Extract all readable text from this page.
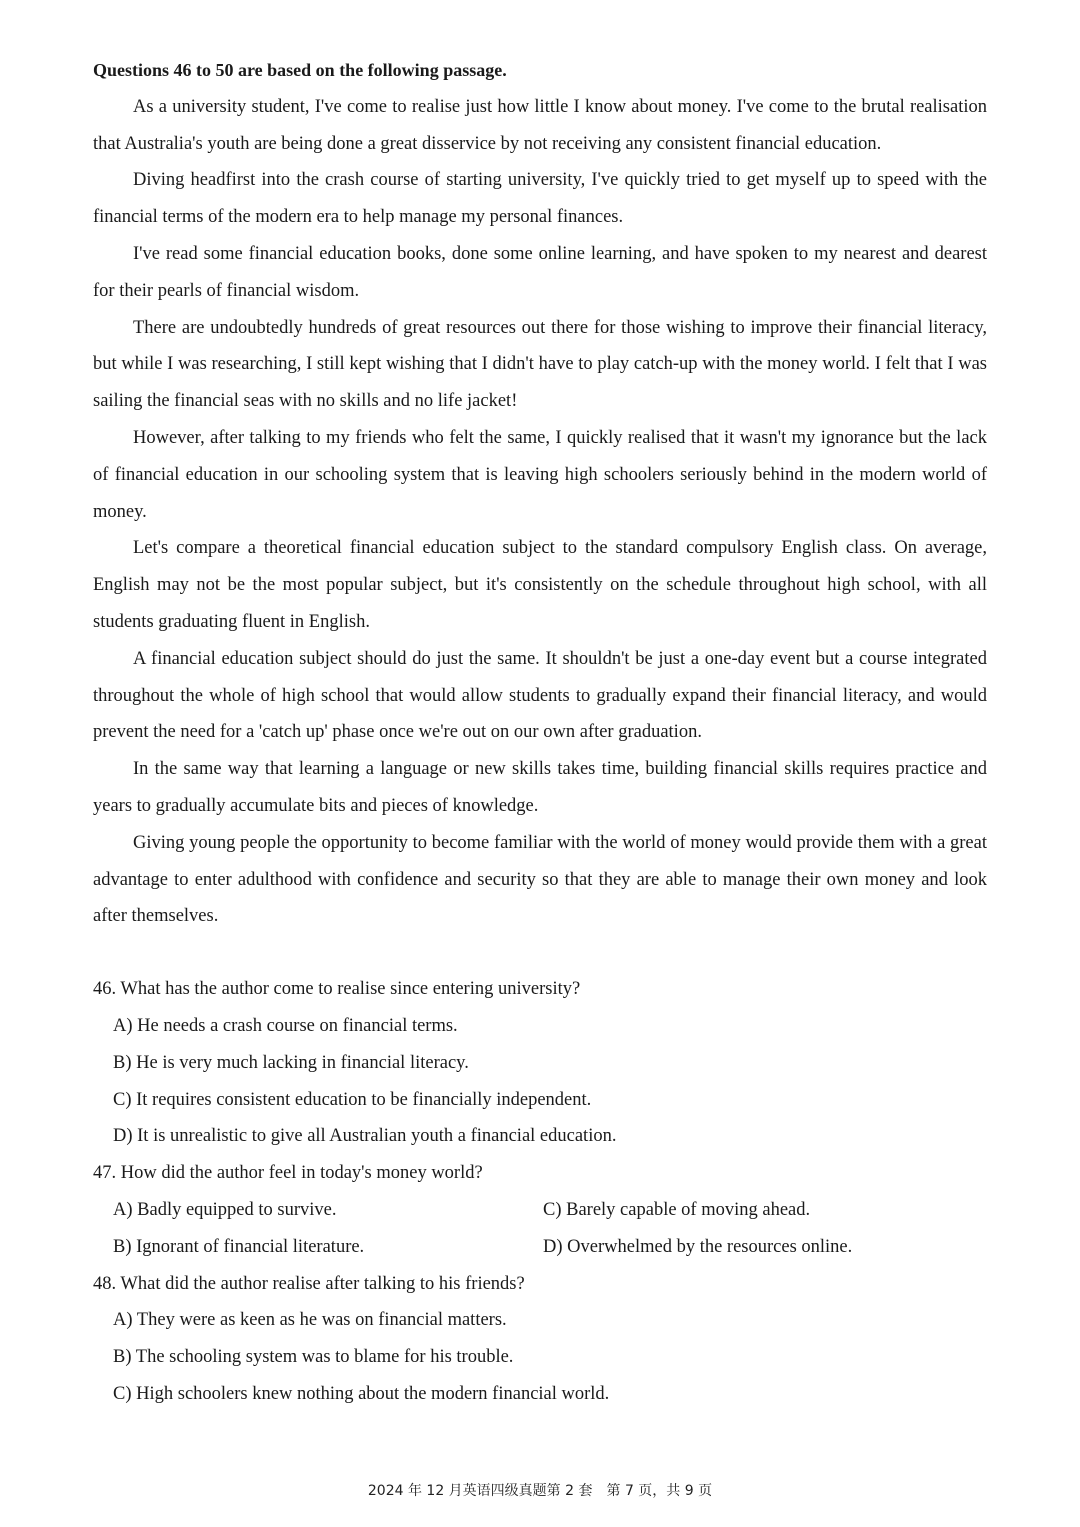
Questions 46 to 50 are based on the following passage.

As a university student, I've come to realise just how little I know about money. I've come to the brutal realisation that Australia's youth are being done a great disservice by not receiving any consistent financial education.

Diving headfirst into the crash course of starting university, I've quickly tried to get myself up to speed with the financial terms of the modern era to help manage my personal finances.

I've read some financial education books, done some online learning, and have spoken to my nearest and dearest for their pearls of financial wisdom.

There are undoubtedly hundreds of great resources out there for those wishing to improve their financial literacy, but while I was researching, I still kept wishing that I didn't have to play catch-up with the money world. I felt that I was sailing the financial seas with no skills and no life jacket!

However, after talking to my friends who felt the same, I quickly realised that it wasn't my ignorance but the lack of financial education in our schooling system that is leaving high schoolers seriously behind in the modern world of money.

Let's compare a theoretical financial education subject to the standard compulsory English class. On average, English may not be the most popular subject, but it's consistently on the schedule throughout high school, with all students graduating fluent in English.

A financial education subject should do just the same. It shouldn't be just a one-day event but a course integrated throughout the whole of high school that would allow students to gradually expand their financial literacy, and would prevent the need for a 'catch up' phase once we're out on our own after graduation.

In the same way that learning a language or new skills takes time, building financial skills requires practice and years to gradually accumulate bits and pieces of knowledge.

Giving young people the opportunity to become familiar with the world of money would provide them with a great advantage to enter adulthood with confidence and security so that they are able to manage their own money and look after themselves.

46. What has the author come to realise since entering university?

A) He needs a crash course on financial terms.

B) He is very much lacking in financial literacy.

C) It requires consistent education to be financially independent.

D) It is unrealistic to give all Australian youth a financial education.

47. How did the author feel in today's money world?

A) Badly equipped to survive.	C) Barely capable of moving ahead.
B) Ignorant of financial literature.	D) Overwhelmed by the resources online.

48. What did the author realise after talking to his friends?

A) They were as keen as he was on financial matters.

B) The schooling system was to blame for his trouble.

C) High schoolers knew nothing about the modern financial world.

2024 年 12 月英语四级真题第 2 套　第 7 页，共 9 页
